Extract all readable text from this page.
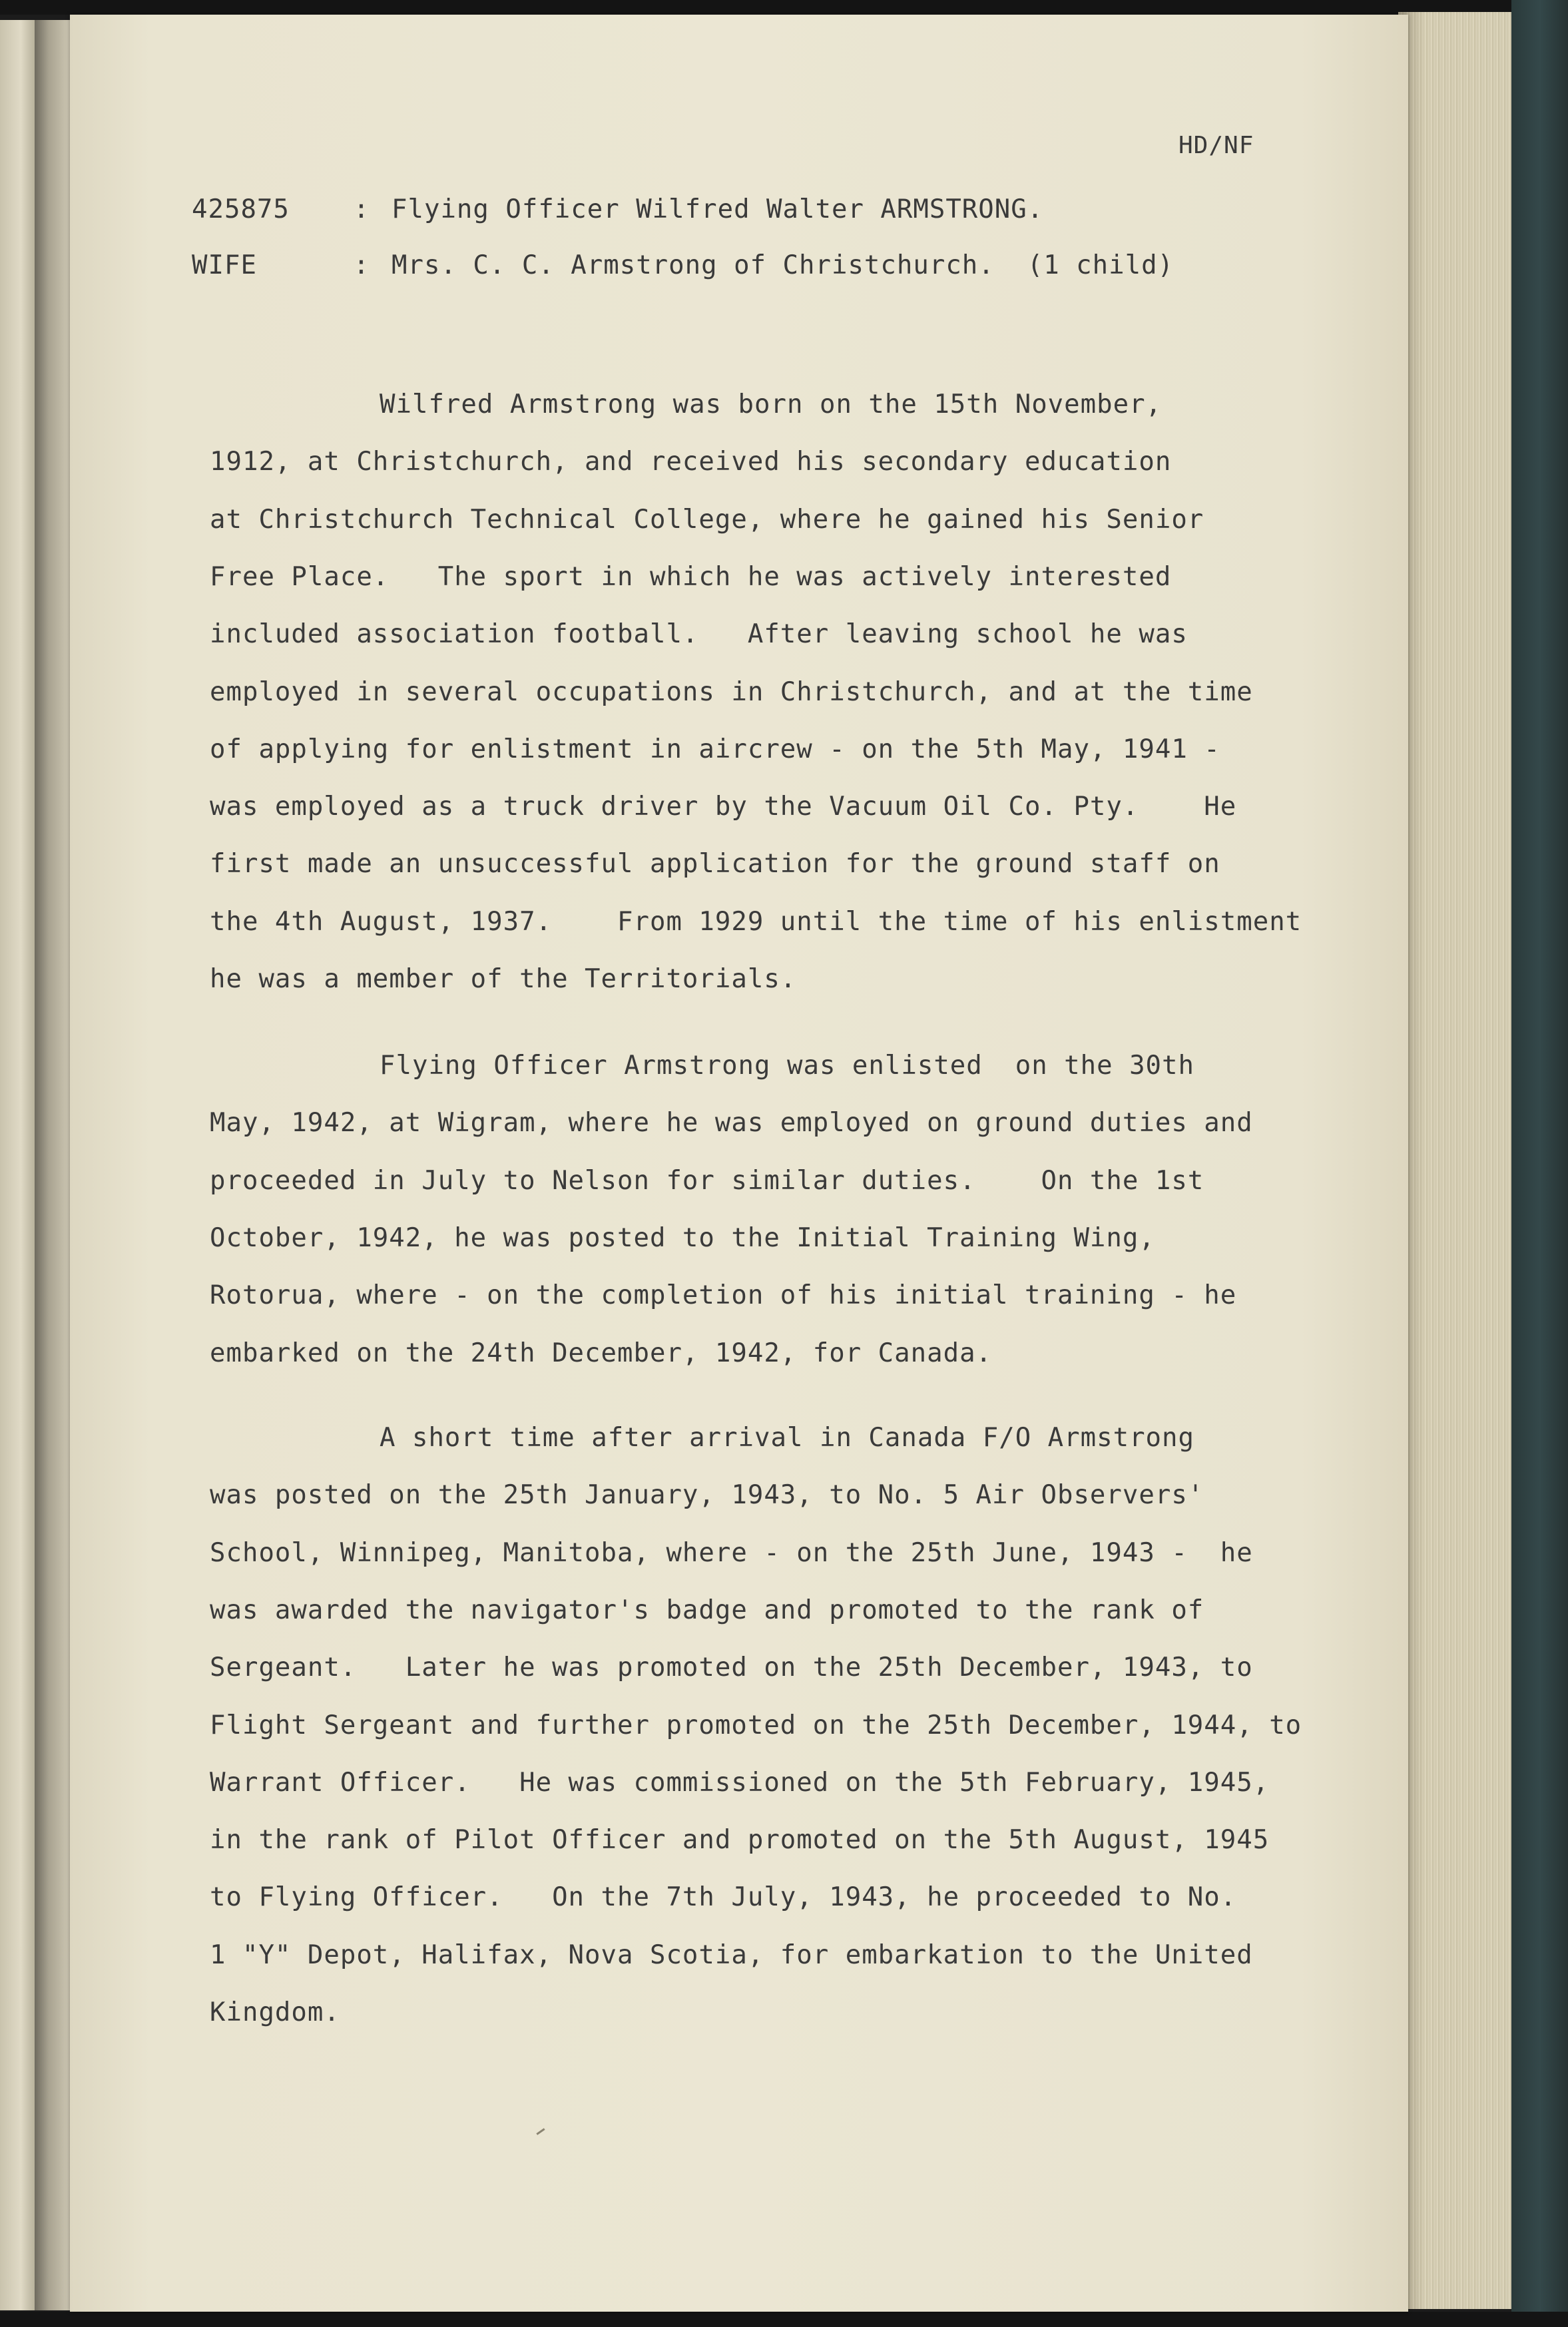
HD/NF
425875 : Flying Officer Wilfred Walter ARMSTRONG.
WIFE	: Mrs. C. C. Armstrong of Christchurch.  (1 child)
Wilfred Armstrong was born on the 15th November,
1912, at Christchurch, and received his secondary education
at Christchurch Technical College, where he gained his Senior
Free Place.   The sport in which he was actively interested
included association football.   After leaving school he was
employed in several occupations in Christchurch, and at the time
of applying for enlistment in aircrew - on the 5th May, 1941 -
was employed as a truck driver by the Vacuum Oil Co. Pty.    He
first made an unsuccessful application for the ground staff on
the 4th August, 1937.    From 1929 until the time of his enlistment
he was a member of the Territorials.
Flying Officer Armstrong was enlisted  on the 30th
May, 1942, at Wigram, where he was employed on ground duties and
proceeded in July to Nelson for similar duties.    On the 1st
October, 1942, he was posted to the Initial Training Wing,
Rotorua, where - on the completion of his initial training - he
embarked on the 24th December, 1942, for Canada.
A short time after arrival in Canada F/O Armstrong
was posted on the 25th January, 1943, to No. 5 Air Observers'
School, Winnipeg, Manitoba, where - on the 25th June, 1943 -  he
was awarded the navigator's badge and promoted to the rank of
Sergeant.   Later he was promoted on the 25th December, 1943, to
Flight Sergeant and further promoted on the 25th December, 1944, to
Warrant Officer.   He was commissioned on the 5th February, 1945,
in the rank of Pilot Officer and promoted on the 5th August, 1945
to Flying Officer.   On the 7th July, 1943, he proceeded to No.
1 "Y" Depot, Halifax, Nova Scotia, for embarkation to the United
Kingdom.
